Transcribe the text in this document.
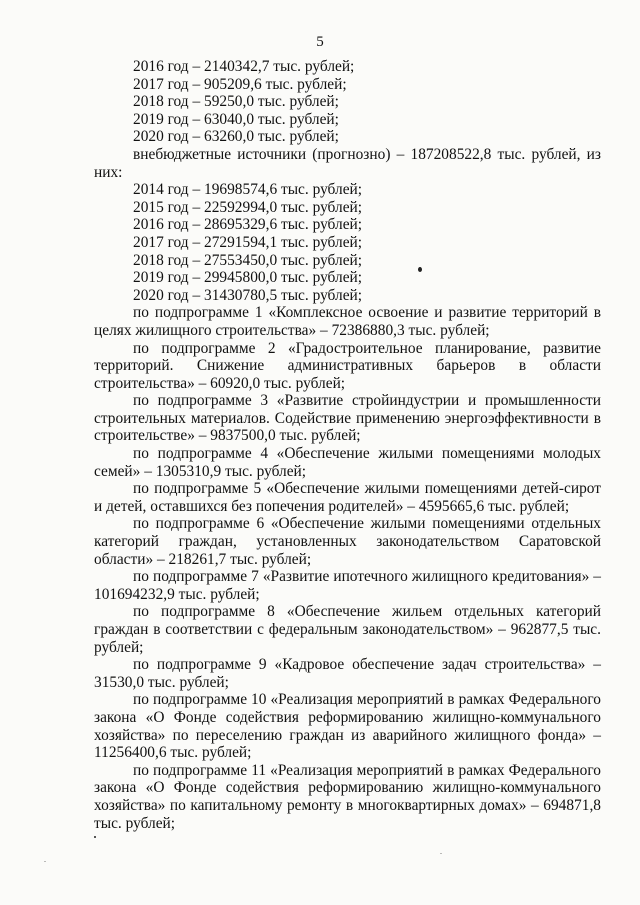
5
2016 год – 2140342,7 тыс. рублей;
2017 год – 905209,6 тыс. рублей;
2018 год – 59250,0 тыс. рублей;
2019 год – 63040,0 тыс. рублей;
2020 год – 63260,0 тыс. рублей;

внебюджетные источники (прогнозно) – 187208522,8 тыс. рублей, из них:

2014 год – 19698574,6 тыс. рублей;
2015 год – 22592994,0 тыс. рублей;
2016 год – 28695329,6 тыс. рублей;
2017 год – 27291594,1 тыс. рублей;
2018 год – 27553450,0 тыс. рублей;
2019 год – 29945800,0 тыс. рублей;
2020 год – 31430780,5 тыс. рублей;

по подпрограмме 1 «Комплексное освоение и развитие территорий в целях жилищного строительства» – 72386880,3 тыс. рублей;

по подпрограмме 2 «Градостроительное планирование, развитие территорий. Снижение административных барьеров в области строительства» – 60920,0 тыс. рублей;

по подпрограмме 3 «Развитие стройиндустрии и промышленности строительных материалов. Содействие применению энергоэффективности в строительстве» – 9837500,0 тыс. рублей;

по подпрограмме 4 «Обеспечение жилыми помещениями молодых семей» – 1305310,9 тыс. рублей;

по подпрограмме 5 «Обеспечение жилыми помещениями детей-сирот и детей, оставшихся без попечения родителей» – 4595665,6 тыс. рублей;

по подпрограмме 6 «Обеспечение жилыми помещениями отдельных категорий граждан, установленных законодательством Саратовской области» – 218261,7 тыс. рублей;

по подпрограмме 7 «Развитие ипотечного жилищного кредитования» – 101694232,9 тыс. рублей;

по подпрограмме 8 «Обеспечение жильем отдельных категорий граждан в соответствии с федеральным законодательством» – 962877,5 тыс. рублей;

по подпрограмме 9 «Кадровое обеспечение задач строительства» – 31530,0 тыс. рублей;

по подпрограмме 10 «Реализация мероприятий в рамках Федерального закона «О Фонде содействия реформированию жилищно-коммунального хозяйства» по переселению граждан из аварийного жилищного фонда» – 11256400,6 тыс. рублей;

по подпрограмме 11 «Реализация мероприятий в рамках Федерального закона «О Фонде содействия реформированию жилищно-коммунального хозяйства» по капитальному ремонту в многоквартирных домах» – 694871,8 тыс. рублей;
